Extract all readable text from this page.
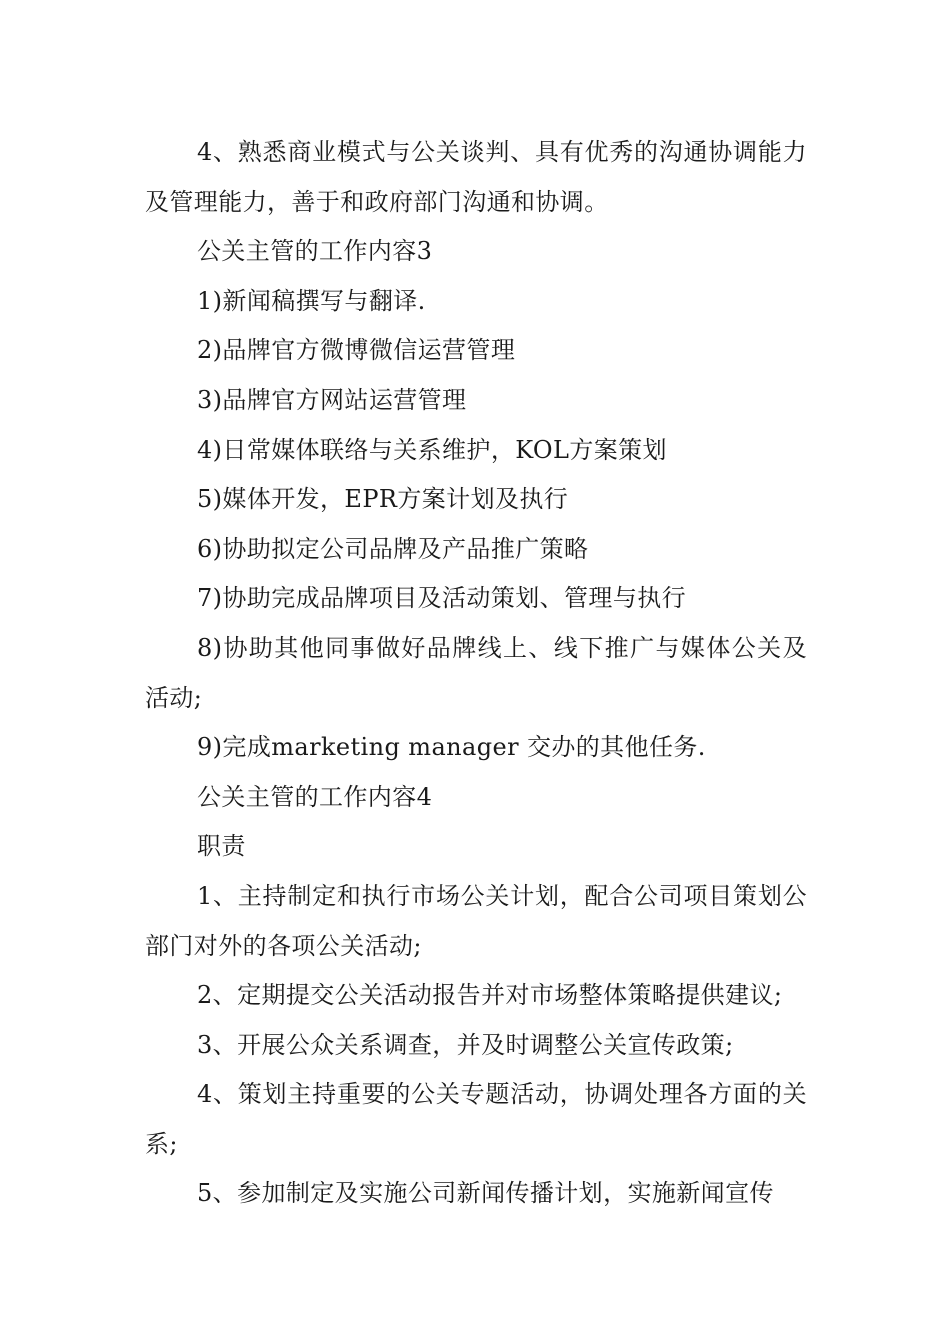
4、熟悉商业模式与公关谈判、具有优秀的沟通协调能力及管理能力，善于和政府部门沟通和协调。

公关主管的工作内容3

1)新闻稿撰写与翻译.

2)品牌官方微博微信运营管理

3)品牌官方网站运营管理

4)日常媒体联络与关系维护，KOL方案策划

5)媒体开发，EPR方案计划及执行

6)协助拟定公司品牌及产品推广策略

7)协助完成品牌项目及活动策划、管理与执行

8)协助其他同事做好品牌线上、线下推广与媒体公关及活动;

9)完成marketing manager 交办的其他任务.

公关主管的工作内容4

职责

1、主持制定和执行市场公关计划，配合公司项目策划公部门对外的各项公关活动;

2、定期提交公关活动报告并对市场整体策略提供建议;

3、开展公众关系调查，并及时调整公关宣传政策;

4、策划主持重要的公关专题活动，协调处理各方面的关系;

5、参加制定及实施公司新闻传播计划，实施新闻宣传
